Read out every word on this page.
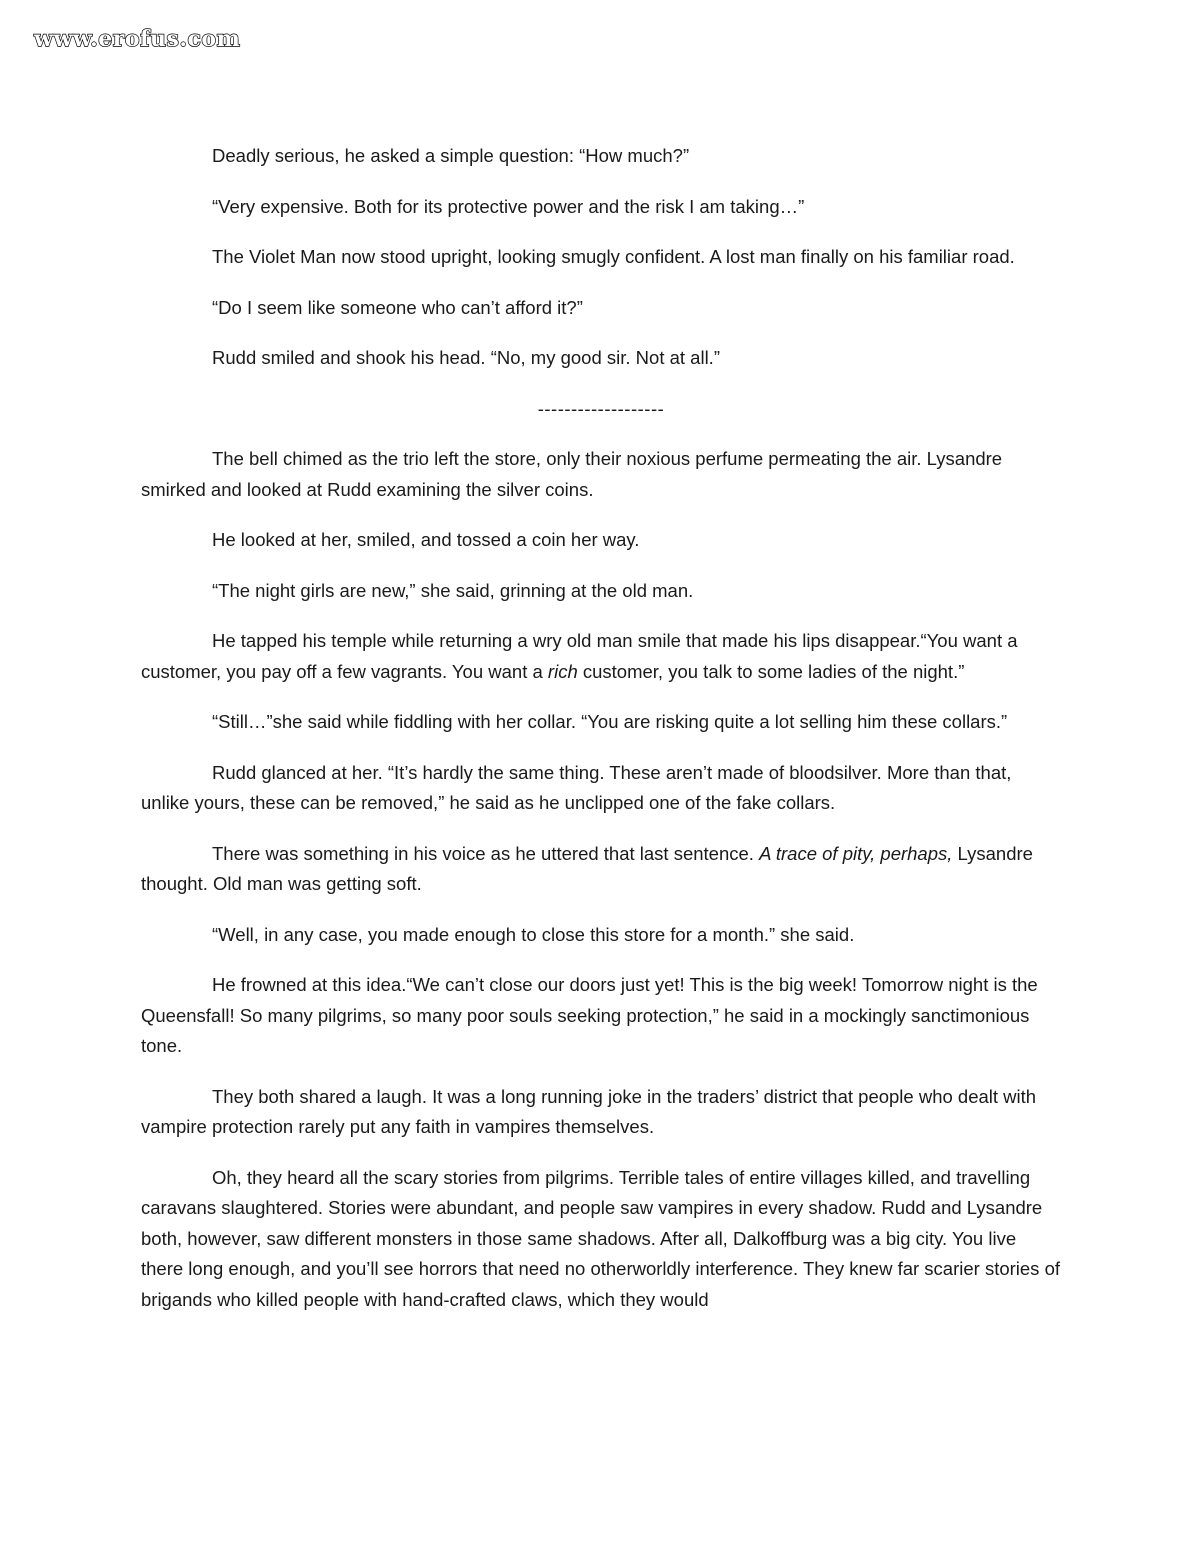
www.erofus.com

Deadly serious, he asked a simple question: “How much?”

“Very expensive. Both for its protective power and the risk I am taking…”

The Violet Man now stood upright, looking smugly confident. A lost man finally on his familiar road.

“Do I seem like someone who can’t afford it?”

Rudd smiled and shook his head. “No, my good sir. Not at all.”

-------------------

The bell chimed as the trio left the store, only their noxious perfume permeating the air. Lysandre smirked and looked at Rudd examining the silver coins.

He looked at her, smiled, and tossed a coin her way.

“The night girls are new,” she said, grinning at the old man.

He tapped his temple while returning a wry old man smile that made his lips disappear.“You want a customer, you pay off a few vagrants. You want a rich customer, you talk to some ladies of the night.”

“Still…”she said while fiddling with her collar. “You are risking quite a lot selling him these collars.”

Rudd glanced at her. “It’s hardly the same thing. These aren’t made of bloodsilver. More than that, unlike yours, these can be removed,” he said as he unclipped one of the fake collars.

There was something in his voice as he uttered that last sentence. A trace of pity, perhaps, Lysandre thought. Old man was getting soft.

“Well, in any case, you made enough to close this store for a month.” she said.

He frowned at this idea.“We can’t close our doors just yet! This is the big week! Tomorrow night is the Queensfall! So many pilgrims, so many poor souls seeking protection,” he said in a mockingly sanctimonious tone.

They both shared a laugh. It was a long running joke in the traders’ district that people who dealt with vampire protection rarely put any faith in vampires themselves.

Oh, they heard all the scary stories from pilgrims. Terrible tales of entire villages killed, and travelling caravans slaughtered. Stories were abundant, and people saw vampires in every shadow. Rudd and Lysandre both, however, saw different monsters in those same shadows. After all, Dalkoffburg was a big city. You live there long enough, and you’ll see horrors that need no otherworldly interference. They knew far scarier stories of brigands who killed people with hand-crafted claws, which they would
